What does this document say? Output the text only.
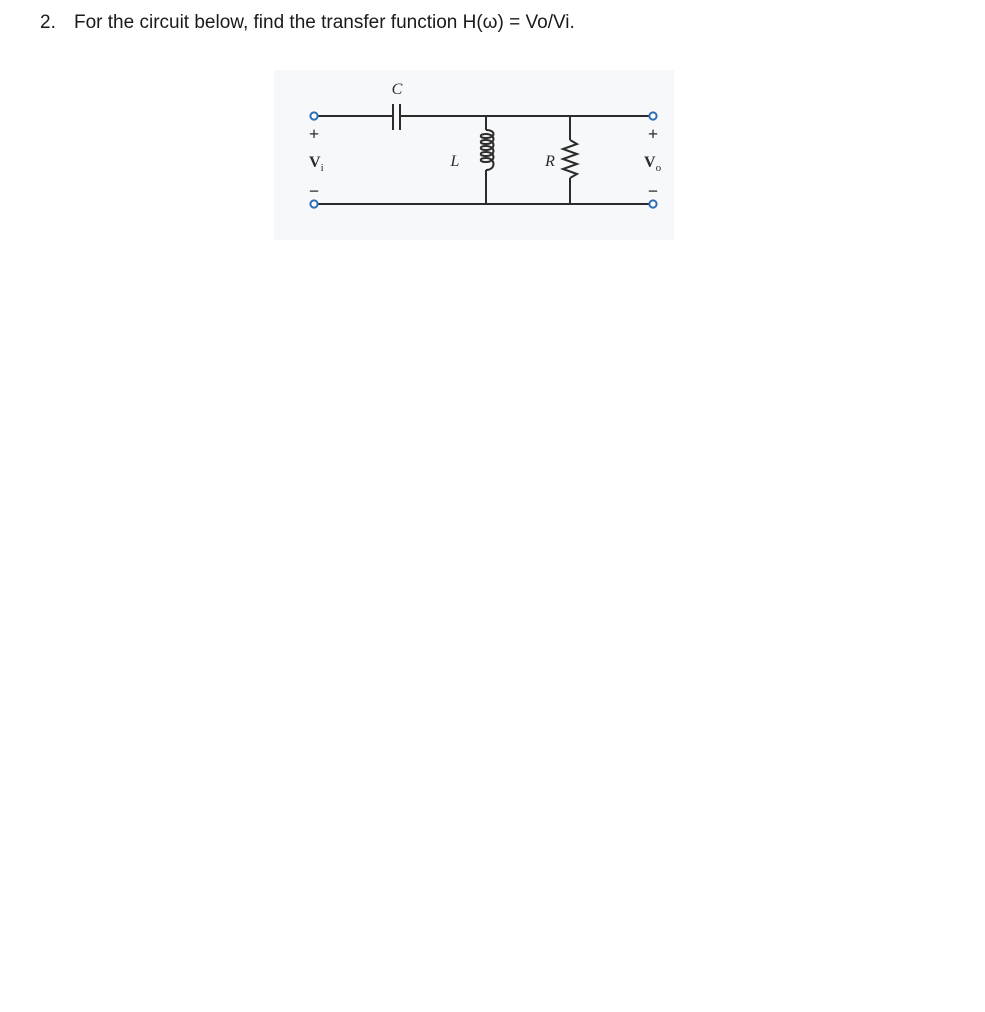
2. For the circuit below, find the transfer function H(ω) = Vo/Vi.
C
L	R
+
−
$V_i$
+
−
$V_o$
